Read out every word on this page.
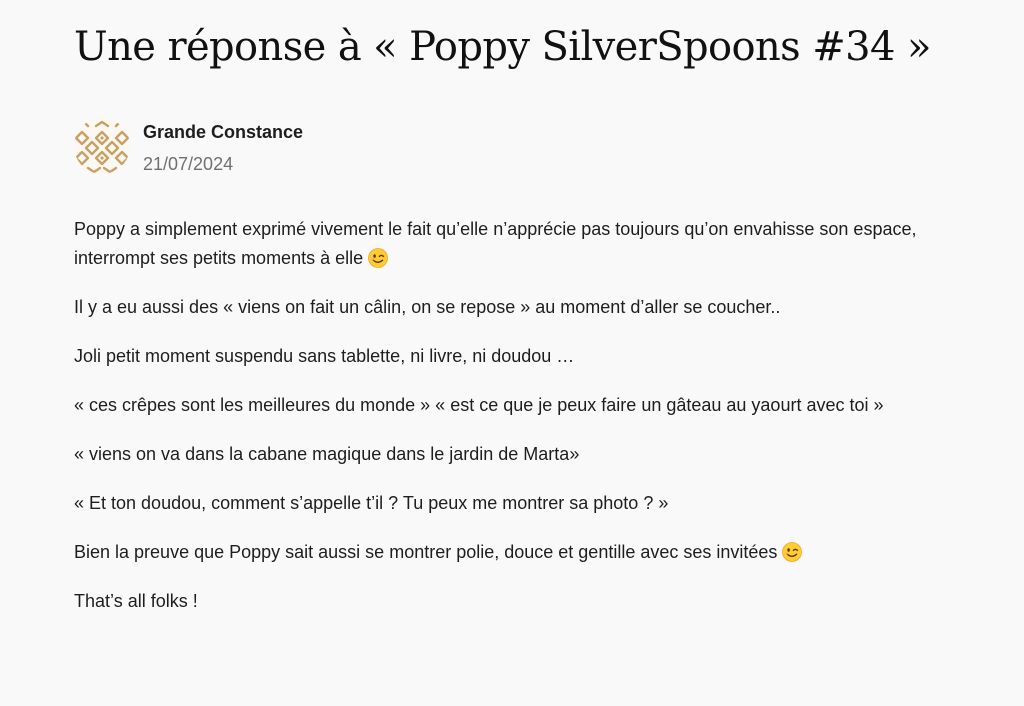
Une réponse à « Poppy SilverSpoons #34 »
Grande Constance
21/07/2024

Poppy a simplement exprimé vivement le fait qu’elle n’apprécie pas toujours qu’on envahisse son espace, interrompt ses petits moments à elle

Il y a eu aussi des « viens on fait un câlin, on se repose » au moment d’aller se coucher..

Joli petit moment suspendu sans tablette, ni livre, ni doudou …

« ces crêpes sont les meilleures du monde » « est ce que je peux faire un gâteau au yaourt avec toi »

« viens on va dans la cabane magique dans le jardin de Marta»

« Et ton doudou, comment s’appelle t’il ? Tu peux me montrer sa photo ? »

Bien la preuve que Poppy sait aussi se montrer polie, douce et gentille avec ses invitées

That’s all folks !
